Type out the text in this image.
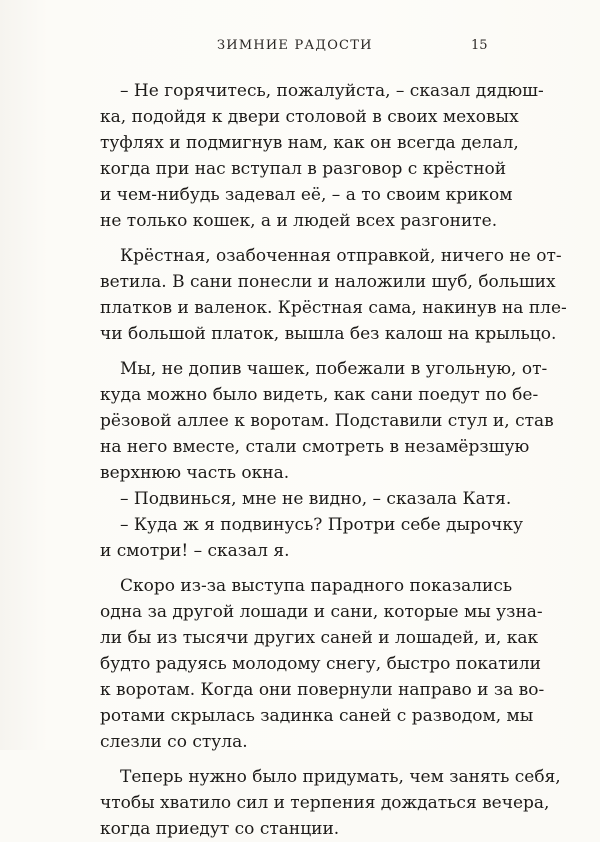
ЗИМНИЕ РАДОСТИ	15
– Не горячитесь, пожалуйста, – сказал дядюш-
ка, подойдя к двери столовой в своих меховых
туфлях и подмигнув нам, как он всегда делал,
когда при нас вступал в разговор с крёстной
и чем-нибудь задевал её, – а то своим криком
не только кошек, а и людей всех разгоните.
Крёстная, озабоченная отправкой, ничего не от-
ветила. В сани понесли и наложили шуб, больших
платков и валенок. Крёстная сама, накинув на пле-
чи большой платок, вышла без калош на крыльцо.
Мы, не допив чашек, побежали в угольную, от-
куда можно было видеть, как сани поедут по бе-
рёзовой аллее к воротам. Подставили стул и, став
на него вместе, стали смотреть в незамёрзшую
верхнюю часть окна.
– Подвинься, мне не видно, – сказала Катя.
– Куда ж я подвинусь? Протри себе дырочку
и смотри! – сказал я.
Скоро из-за выступа парадного показались
одна за другой лошади и сани, которые мы узна-
ли бы из тысячи других саней и лошадей, и, как
будто радуясь молодому снегу, быстро покатили
к воротам. Когда они повернули направо и за во-
ротами скрылась задинка саней с разводом, мы
слезли со стула.
Теперь нужно было придумать, чем занять себя,
чтобы хватило сил и терпения дождаться вечера,
когда приедут со станции.
